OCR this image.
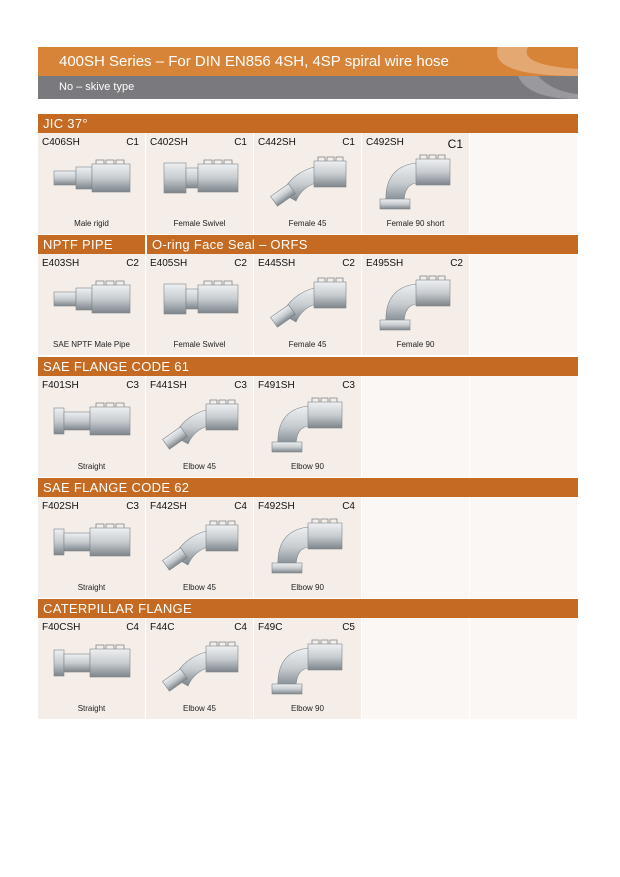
400SH Series – For DIN EN856 4SH, 4SP spiral wire hose
No – skive type
JIC 37°
C406SH	C1
Male rigid
C402SH	C1
Female Swivel
C442SH	C1
Female 45
C492SH	C1
Female 90 short
NPTF PIPE	O-ring Face Seal – ORFS
E403SH	C2
SAE NPTF Male Pipe
E405SH	C2
Female Swivel
E445SH	C2
Female 45
E495SH	C2
Female 90
SAE FLANGE CODE 61
F401SH	C3
Straight
F441SH	C3
Elbow 45
F491SH	C3
Elbow 90
SAE FLANGE CODE 62
F402SH	C3
Straight
F442SH	C4
Elbow 45
F492SH	C4
Elbow 90
CATERPILLAR FLANGE
F40CSH	C4
Straight
F44C	C4
Elbow 45
F49C	C5
Elbow 90
